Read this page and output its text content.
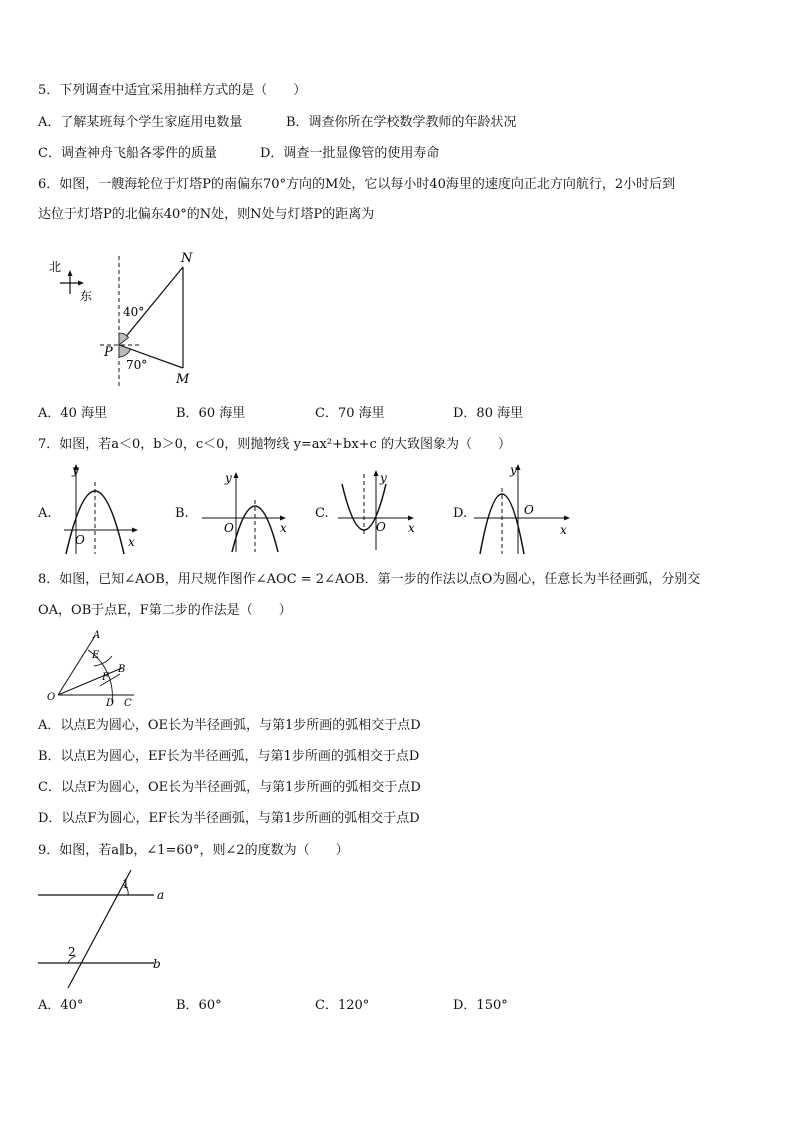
5．下列调查中适宜采用抽样方式的是（　　）
A．了解某班每个学生家庭用电数量	B．调查你所在学校数学教师的年龄状况
C．调查神舟飞船各零件的质量	D．调查一批显像管的使用寿命
6．如图，一艘海轮位于灯塔P的南偏东70°方向的M处，它以每小时40海里的速度向正北方向航行，2小时后到
达位于灯塔P的北偏东40°的N处，则N处与灯塔P的距离为
北
东
40°
70°
N
M
P
A．40 海里	B．60 海里	C．70 海里	D．80 海里
7．如图，若a＜0，b＞0，c＜0，则抛物线 y=ax²+bx+c 的大致图象为（　　）
A.
y
x
O
B.
y
x
O
C.
y
x
O
D.
y
x
O
8．如图，已知∠AOB，用尺规作图作∠AOC = 2∠AOB．第一步的作法以点O为圆心，任意长为半径画弧，分别交
OA，OB于点E，F第二步的作法是（　　）
A
E
B
F
O
D C
A．以点E为圆心，OE长为半径画弧，与第1步所画的弧相交于点D
B．以点E为圆心，EF长为半径画弧，与第1步所画的弧相交于点D
C．以点F为圆心，OE长为半径画弧，与第1步所画的弧相交于点D
D．以点F为圆心，EF长为半径画弧，与第1步所画的弧相交于点D
9．如图，若a∥b，∠1=60°，则∠2的度数为（　　）
1
2
a
b
A．40°	B．60°	C．120°	D．150°
